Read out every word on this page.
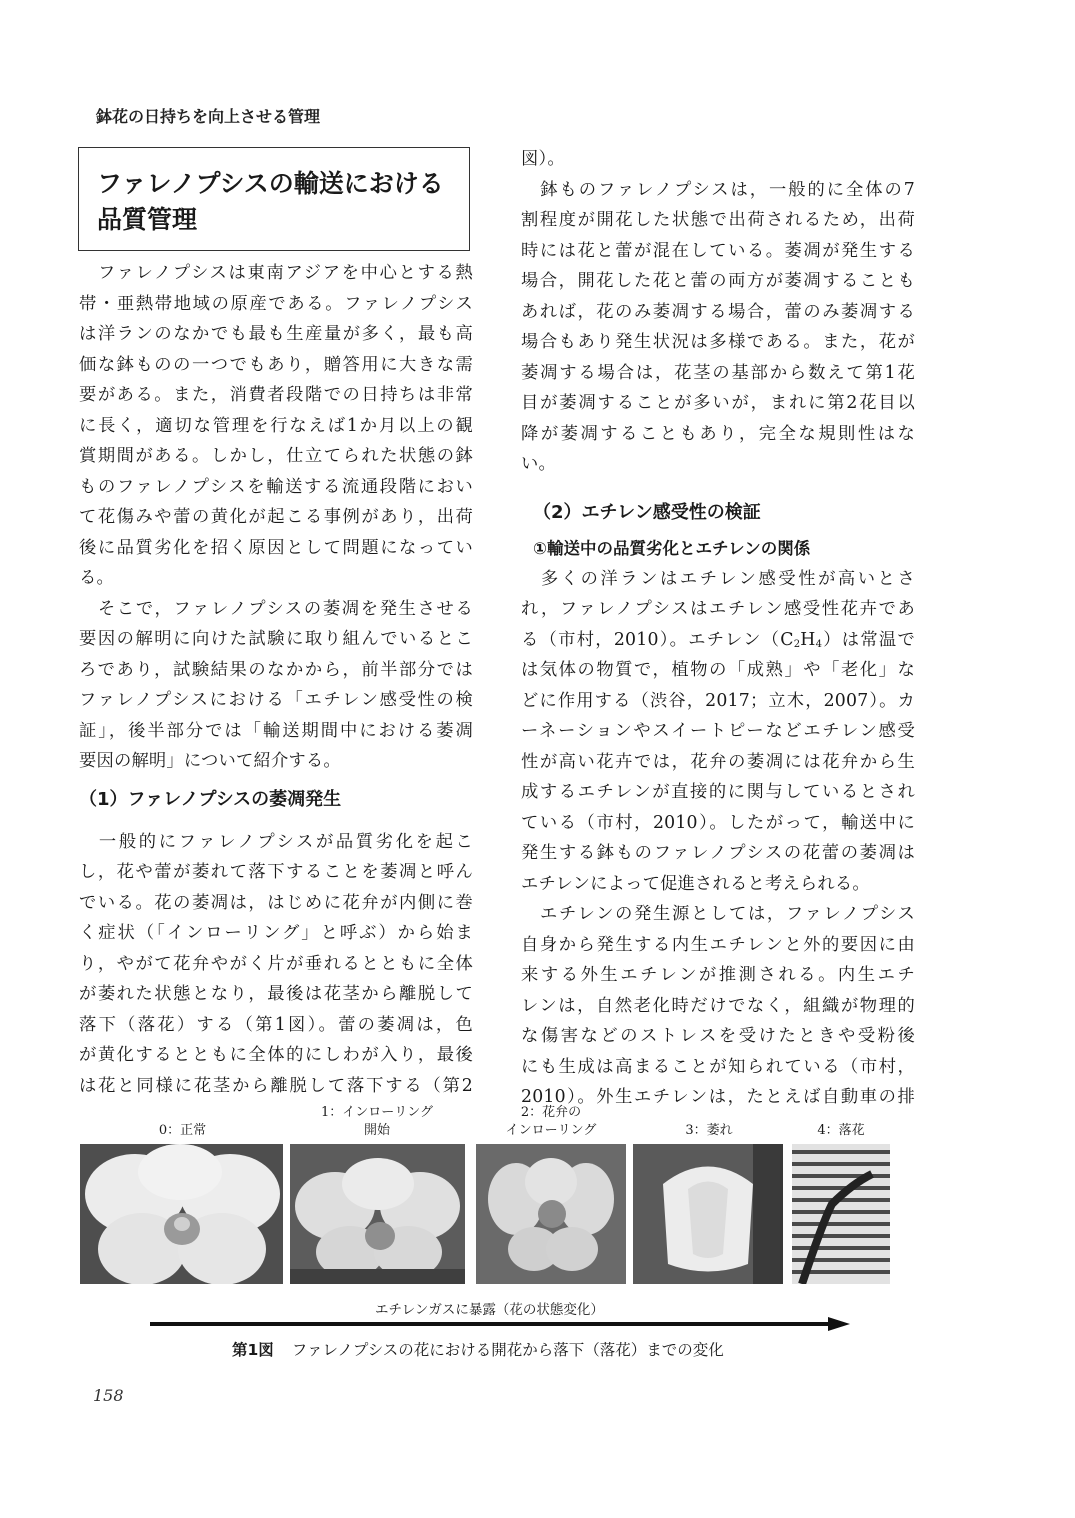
鉢花の日持ちを向上させる管理
ファレノプシスの輸送における
品質管理
　ファレノプシスは東南アジアを中心とする熱
帯・亜熱帯地域の原産である。ファレノプシス
は洋ランのなかでも最も生産量が多く，最も高
価な鉢ものの一つでもあり，贈答用に大きな需
要がある。また，消費者段階での日持ちは非常
に長く，適切な管理を行なえば1か月以上の観
賞期間がある。しかし，仕立てられた状態の鉢
ものファレノプシスを輸送する流通段階におい
て花傷みや蕾の黄化が起こる事例があり，出荷
後に品質劣化を招く原因として問題になってい
る。
　そこで，ファレノプシスの萎凋を発生させる
要因の解明に向けた試験に取り組んでいるとこ
ろであり，試験結果のなかから，前半部分では
ファレノプシスにおける「エチレン感受性の検
証」，後半部分では「輸送期間中における萎凋
要因の解明」について紹介する。
（1）ファレノプシスの萎凋発生
　一般的にファレノプシスが品質劣化を起こ
し，花や蕾が萎れて落下することを萎凋と呼ん
でいる。花の萎凋は，はじめに花弁が内側に巻
く症状（「インローリング」と呼ぶ）から始ま
り，やがて花弁やがく片が垂れるとともに全体
が萎れた状態となり，最後は花茎から離脱して
落下（落花）する（第1図）。蕾の萎凋は，色
が黄化するとともに全体的にしわが入り，最後
は花と同様に花茎から離脱して落下する（第2
図）。
　鉢ものファレノプシスは，一般的に全体の7
割程度が開花した状態で出荷されるため，出荷
時には花と蕾が混在している。萎凋が発生する
場合，開花した花と蕾の両方が萎凋することも
あれば，花のみ萎凋する場合，蕾のみ萎凋する
場合もあり発生状況は多様である。また，花が
萎凋する場合は，花茎の基部から数えて第1花
目が萎凋することが多いが，まれに第2花目以
降が萎凋することもあり，完全な規則性はな
い。
（2）エチレン感受性の検証
①輸送中の品質劣化とエチレンの関係
　多くの洋ランはエチレン感受性が高いとさ
れ，ファレノプシスはエチレン感受性花卉であ
る（市村，2010）。エチレン$(C_2H_4)$は常温で
は気体の物質で，植物の「成熟」や「老化」な
どに作用する（渋谷，2017；立木，2007）。カ
ーネーションやスイートピーなどエチレン感受
性が高い花卉では，花弁の萎凋には花弁から生
成するエチレンが直接的に関与しているとされ
ている（市村，2010）。したがって，輸送中に
発生する鉢ものファレノプシスの花蕾の萎凋は
エチレンによって促進されると考えられる。
　エチレンの発生源としては，ファレノプシス
自身から発生する内生エチレンと外的要因に由
来する外生エチレンが推測される。内生エチ
レンは，自然老化時だけでなく，組織が物理的
な傷害などのストレスを受けたときや受粉後
にも生成は高まることが知られている（市村，
2010）。外生エチレンは，たとえば自動車の排
0：正常
1：インローリング
開始
2：花弁の
インローリング	3：萎れ	4：落花
エチレンガスに暴露（花の状態変化）
第1図 ファレノプシスの花における開花から落下（落花）までの変化
158
